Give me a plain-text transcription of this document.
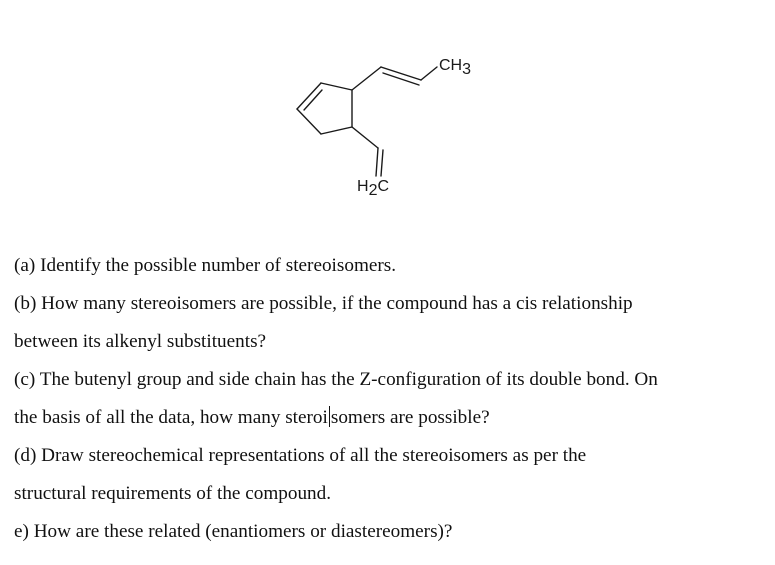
CH3
H2C

(a) Identify the possible number of stereoisomers.

(b) How many stereoisomers are possible, if the compound has a cis relationship

between its alkenyl substituents?

(c) The butenyl group and side chain has the Z-configuration of its double bond. On

the basis of all the data, how many steroi somers are possible?

(d) Draw stereochemical representations of all the stereoisomers as per the

structural requirements of the compound.

e) How are these related (enantiomers or diastereomers)?
